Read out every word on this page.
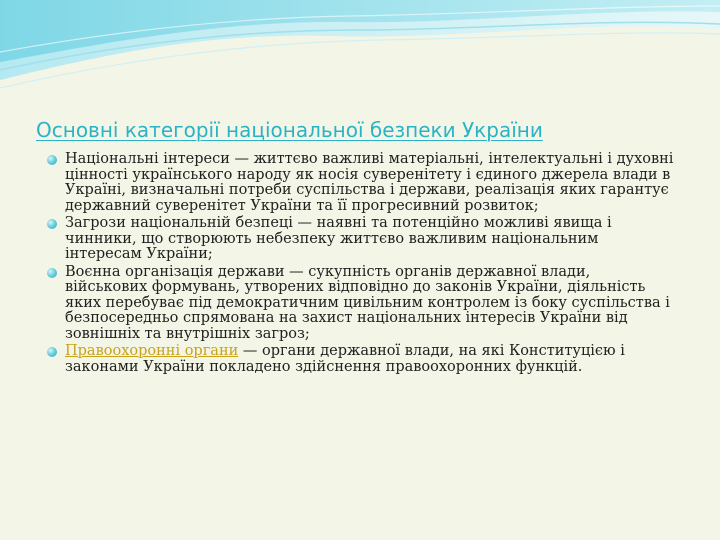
Основні категорії національної безпеки України
Національні інтереси — життєво важливі матеріальні, інтелектуальні і духовні цінності українського народу як носія суверенітету і єдиного джерела влади в Україні, визначальні потреби суспільства і держави, реалізація яких гарантує державний суверенітет України та її прогресивний розвиток;
Загрози національній безпеці — наявні та потенційно можливі явища і чинники, що створюють небезпеку життєво важливим національним інтересам України;
Воєнна організація держави — сукупність органів державної влади, військових формувань, утворених відповідно до законів України, діяльність яких перебуває під демократичним цивільним контролем із боку суспільства і безпосередньо спрямована на захист національних інтересів України від зовнішніх та внутрішніх загроз;
Правоохоронні органи — органи державної влади, на які Конституцією і законами України покладено здійснення правоохоронних функцій.
